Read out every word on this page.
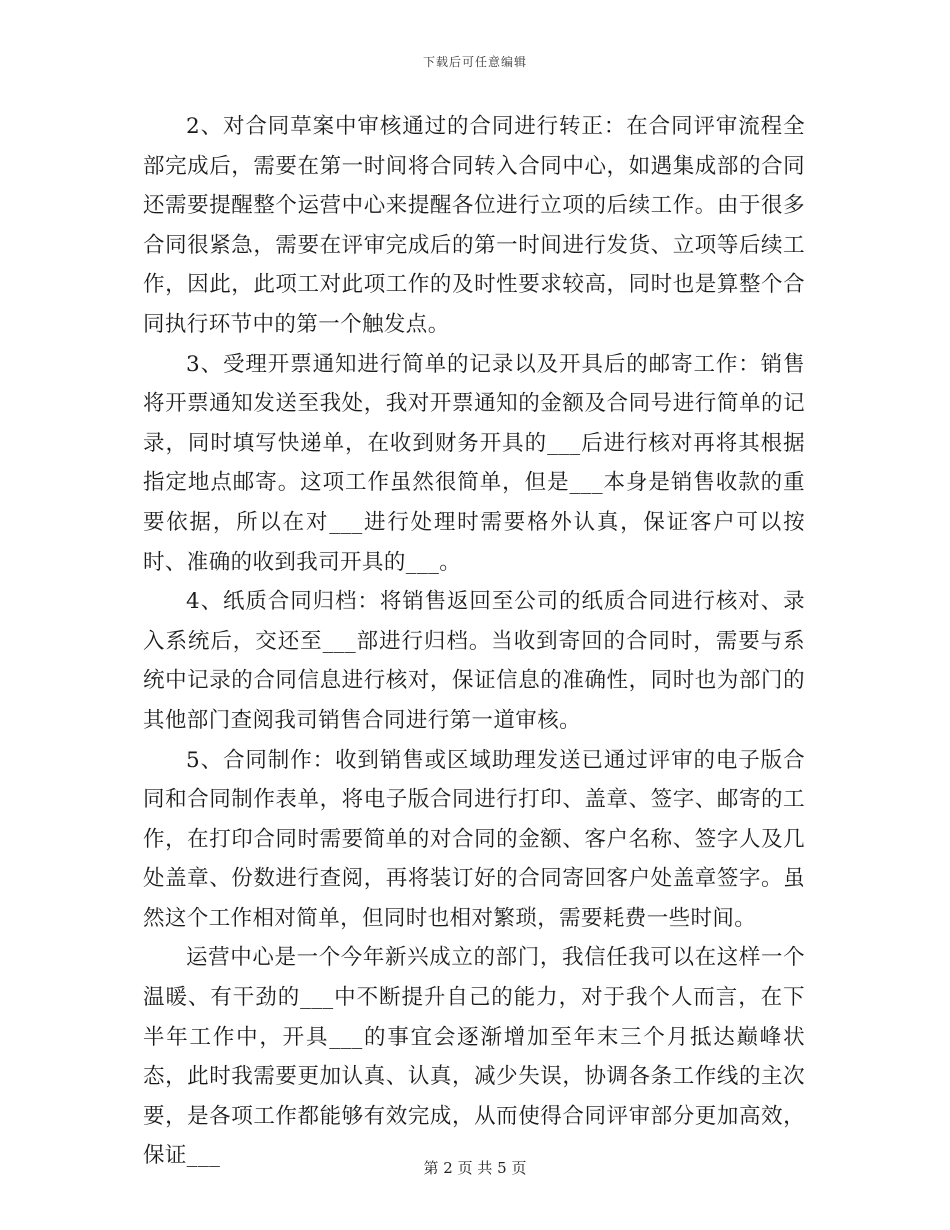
下载后可任意编辑

2、对合同草案中审核通过的合同进行转正：在合同评审流程全部完成后，需要在第一时间将合同转入合同中心，如遇集成部的合同还需要提醒整个运营中心来提醒各位进行立项的后续工作。由于很多合同很紧急，需要在评审完成后的第一时间进行发货、立项等后续工作，因此，此项工对此项工作的及时性要求较高，同时也是算整个合同执行环节中的第一个触发点。

3、受理开票通知进行简单的记录以及开具后的邮寄工作：销售将开票通知发送至我处，我对开票通知的金额及合同号进行简单的记录，同时填写快递单，在收到财务开具的___后进行核对再将其根据指定地点邮寄。这项工作虽然很简单，但是___本身是销售收款的重要依据，所以在对___进行处理时需要格外认真，保证客户可以按时、准确的收到我司开具的___。

4、纸质合同归档：将销售返回至公司的纸质合同进行核对、录入系统后，交还至___部进行归档。当收到寄回的合同时，需要与系统中记录的合同信息进行核对，保证信息的准确性，同时也为部门的其他部门查阅我司销售合同进行第一道审核。

5、合同制作：收到销售或区域助理发送已通过评审的电子版合同和合同制作表单，将电子版合同进行打印、盖章、签字、邮寄的工作，在打印合同时需要简单的对合同的金额、客户名称、签字人及几处盖章、份数进行查阅，再将装订好的合同寄回客户处盖章签字。虽然这个工作相对简单，但同时也相对繁琐，需要耗费一些时间。

运营中心是一个今年新兴成立的部门，我信任我可以在这样一个温暖、有干劲的___中不断提升自己的能力，对于我个人而言，在下半年工作中，开具___的事宜会逐渐增加至年末三个月抵达巅峰状态，此时我需要更加认真、认真，减少失误，协调各条工作线的主次要，是各项工作都能够有效完成，从而使得合同评审部分更加高效，保证___	第 2 页 共 5 页
